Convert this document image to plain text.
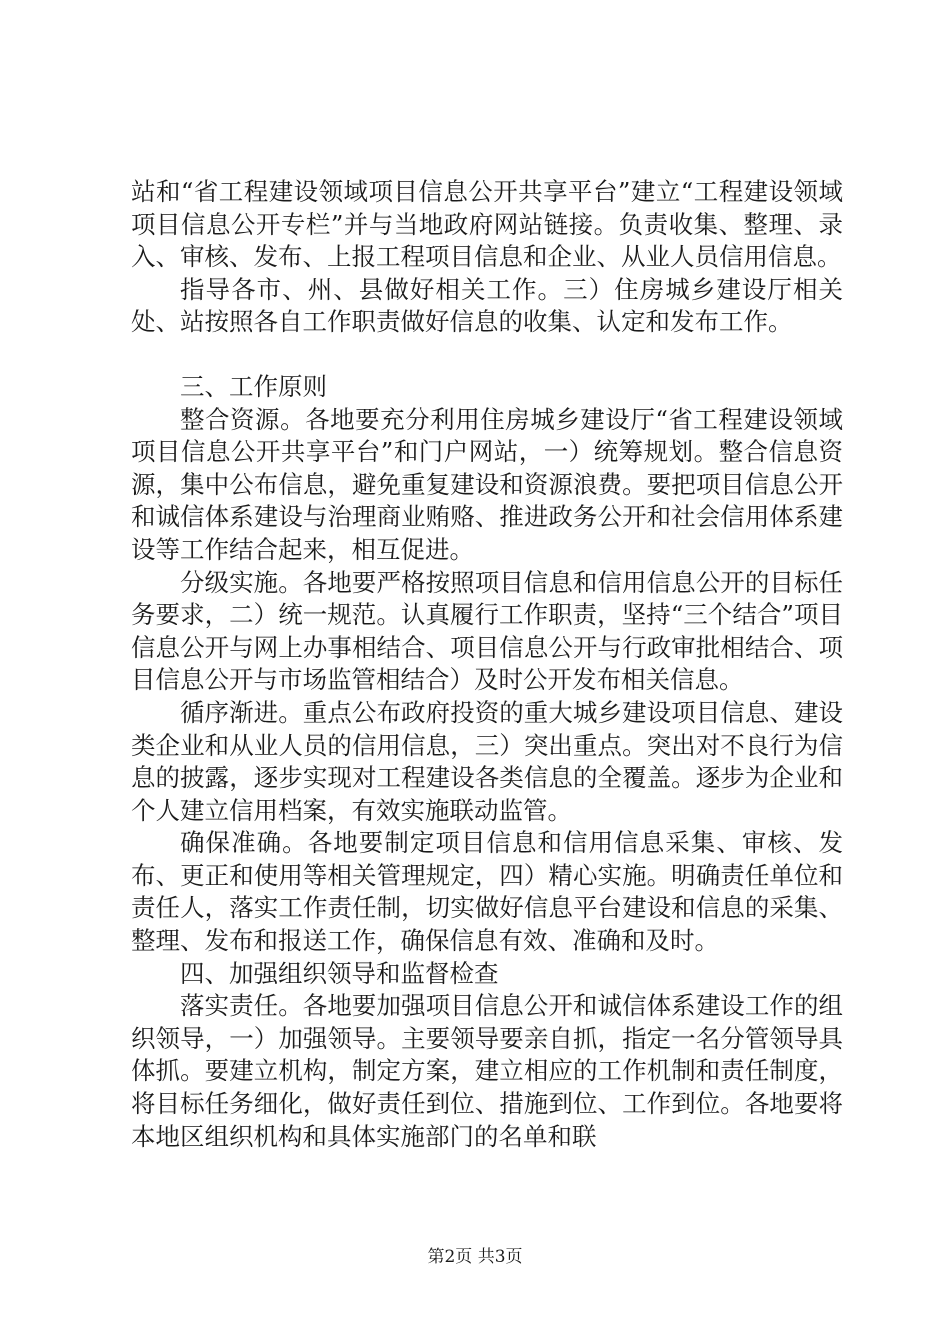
站和“省工程建设领域项目信息公开共享平台”建立“工程建设领域项目信息公开专栏”并与当地政府网站链接。负责收集、整理、录入、审核、发布、上报工程项目信息和企业、从业人员信用信息。

指导各市、州、县做好相关工作。三）住房城乡建设厅相关处、站按照各自工作职责做好信息的收集、认定和发布工作。

三、工作原则

整合资源。各地要充分利用住房城乡建设厅“省工程建设领域项目信息公开共享平台”和门户网站，一）统筹规划。整合信息资源，集中公布信息，避免重复建设和资源浪费。要把项目信息公开和诚信体系建设与治理商业贿赂、推进政务公开和社会信用体系建设等工作结合起来，相互促进。

分级实施。各地要严格按照项目信息和信用信息公开的目标任务要求，二）统一规范。认真履行工作职责，坚持“三个结合”项目信息公开与网上办事相结合、项目信息公开与行政审批相结合、项目信息公开与市场监管相结合）及时公开发布相关信息。

循序渐进。重点公布政府投资的重大城乡建设项目信息、建设类企业和从业人员的信用信息，三）突出重点。突出对不良行为信息的披露，逐步实现对工程建设各类信息的全覆盖。逐步为企业和个人建立信用档案，有效实施联动监管。

确保准确。各地要制定项目信息和信用信息采集、审核、发布、更正和使用等相关管理规定，四）精心实施。明确责任单位和责任人，落实工作责任制，切实做好信息平台建设和信息的采集、整理、发布和报送工作，确保信息有效、准确和及时。

四、加强组织领导和监督检查

落实责任。各地要加强项目信息公开和诚信体系建设工作的组织领导，一）加强领导。主要领导要亲自抓，指定一名分管领导具体抓。要建立机构，制定方案，建立相应的工作机制和责任制度，将目标任务细化，做好责任到位、措施到位、工作到位。各地要将本地区组织机构和具体实施部门的名单和联

第2页 共3页
